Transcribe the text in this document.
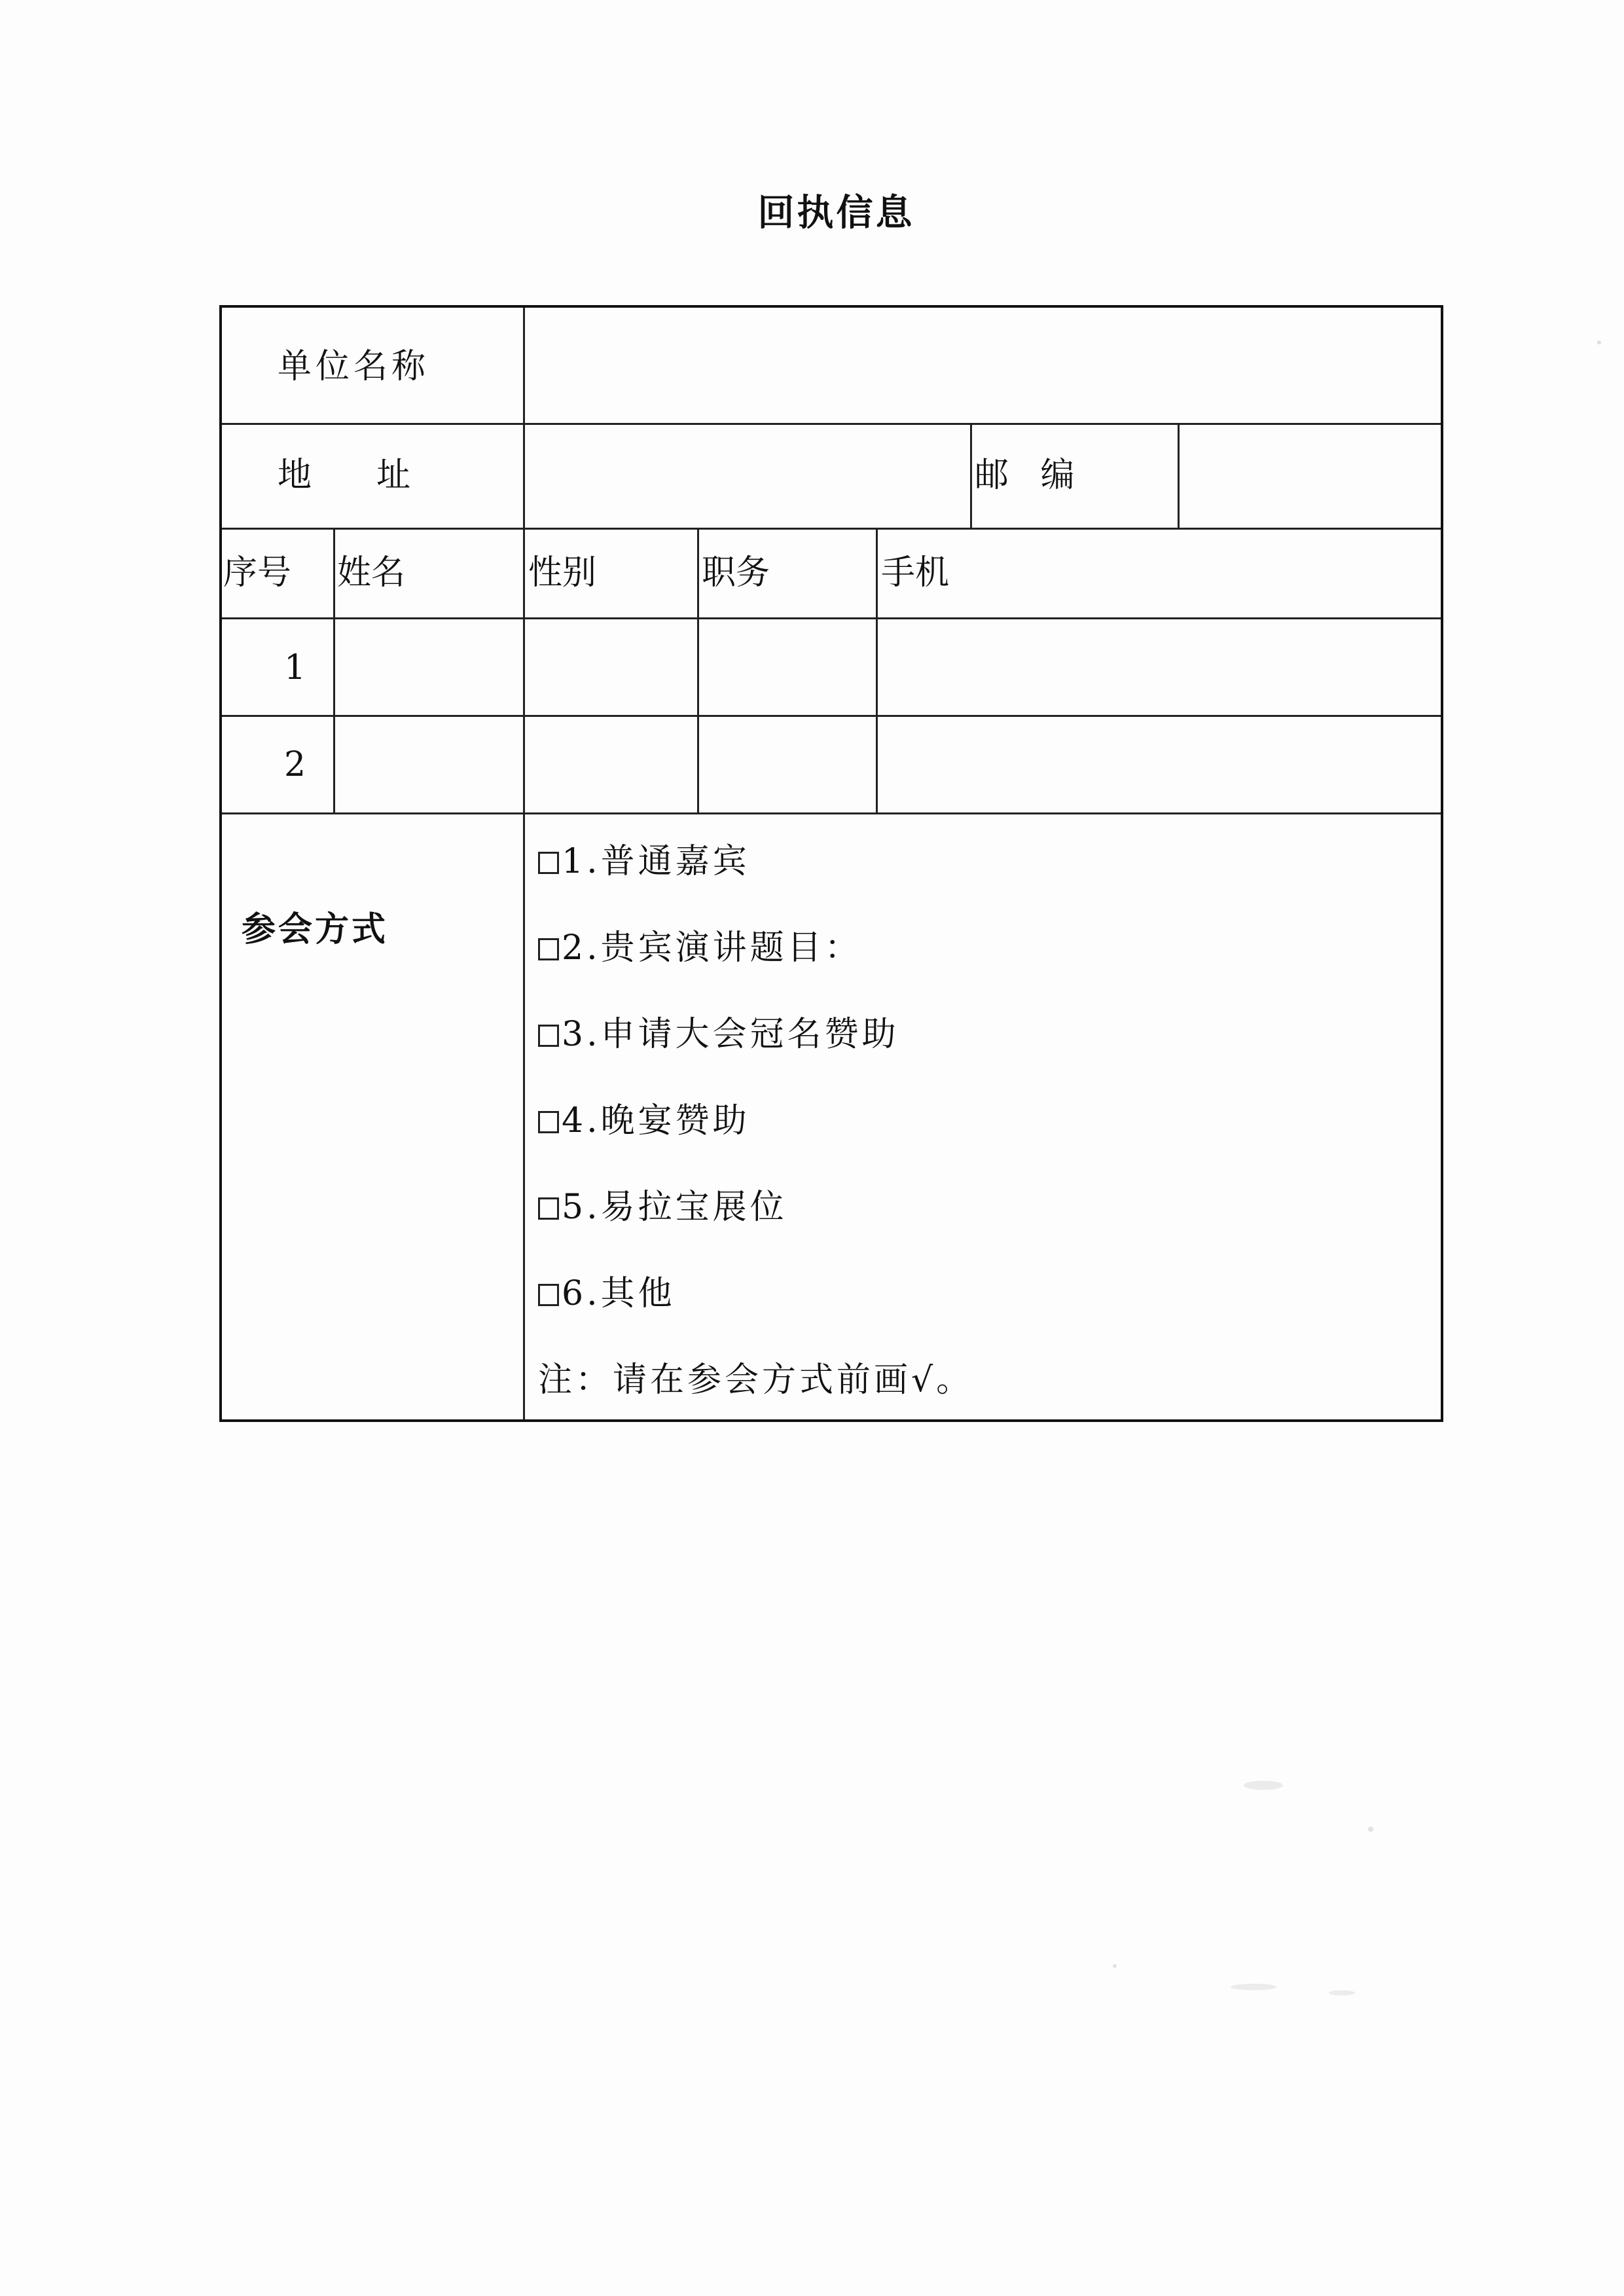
回执信息
单位名称
地      址	邮 编
序号 姓名	性别	职务	手机
1
2
参会方式
1. 普通嘉宾
2. 贵宾演讲题目：
3. 申请大会冠名赞助
4. 晚宴赞助
5. 易拉宝展位
6. 其他
注：请在参会方式前画√。
